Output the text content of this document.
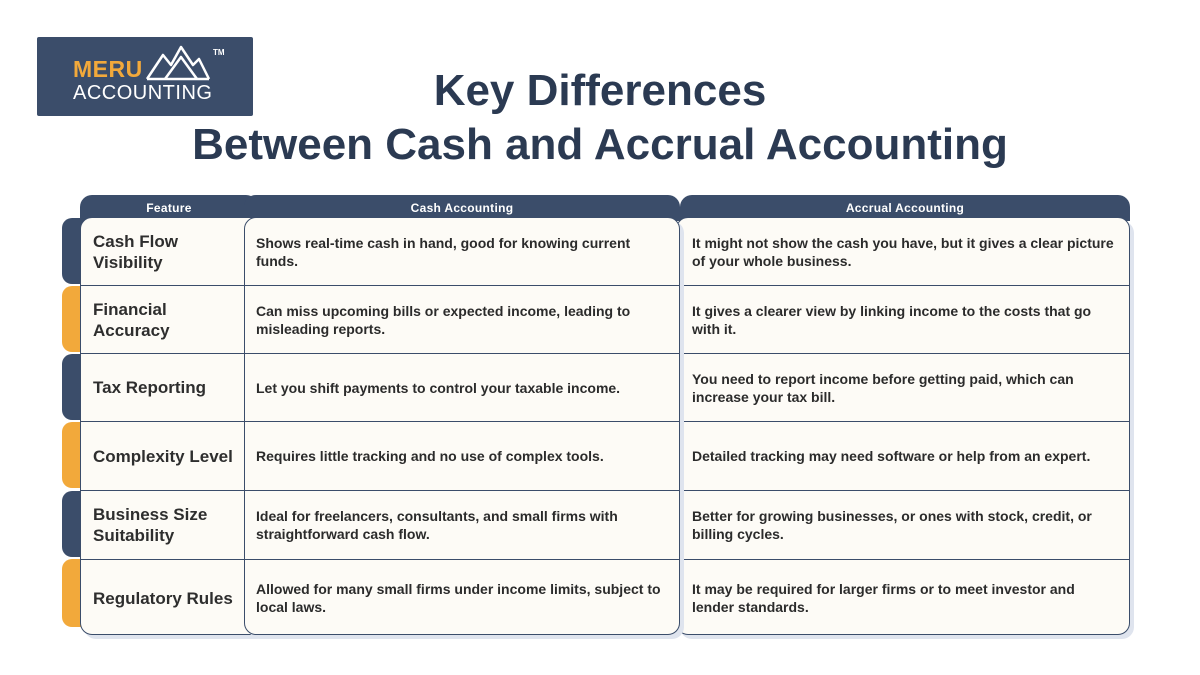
MERU
TM
ACCOUNTING	Key Differences
Between Cash and Accrual Accounting
Feature	Accrual Accounting
Cash Accounting
Cash Flow Visibility
Financial Accuracy
Tax Reporting
Complexity Level
Business Size Suitability
Regulatory Rules
It might not show the cash you have, but it gives a clear picture of your whole business.
It gives a clearer view by linking income to the costs that go with it.
You need to report income before getting paid, which can increase your tax bill.
Detailed tracking may need software or help from an expert.
Better for growing businesses, or ones with stock, credit, or billing cycles.
It may be required for larger firms or to meet investor and lender standards.
Shows real-time cash in hand, good for knowing current funds.
Can miss upcoming bills or expected income, leading to misleading reports.
Let you shift payments to control your taxable income.
Requires little tracking and no use of complex tools.
Ideal for freelancers, consultants, and small firms with straightforward cash flow.
Allowed for many small firms under income limits, subject to local laws.
